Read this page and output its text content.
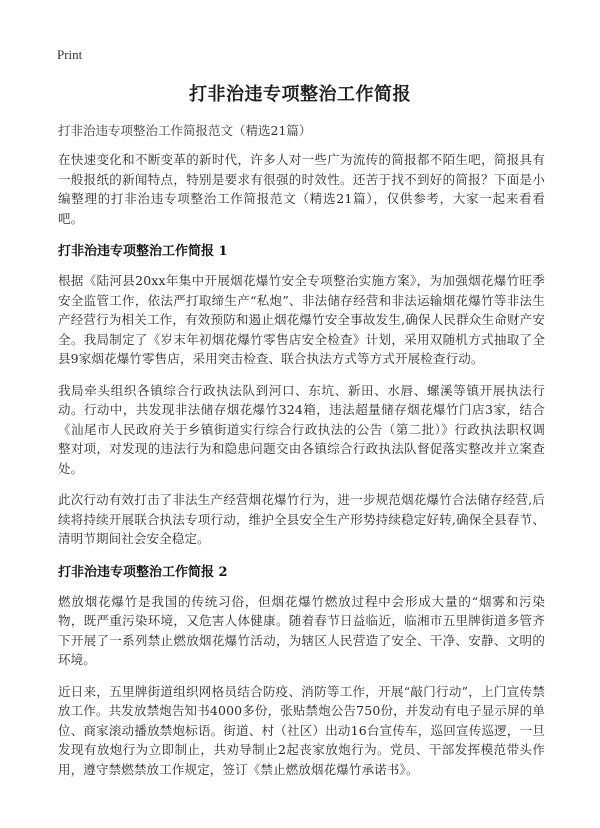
Print
打非治违专项整治工作简报
打非治违专项整治工作简报范文（精选21篇）

在快速变化和不断变革的新时代，许多人对一些广为流传的简报都不陌生吧，简报具有一般报纸的新闻特点，特别是要求有很强的时效性。还苦于找不到好的简报？下面是小编整理的打非治违专项整治工作简报范文（精选21篇），仅供参考，大家一起来看看吧。

打非治违专项整治工作简报 1

根据《陆河县20xx年集中开展烟花爆竹安全专项整治实施方案》，为加强烟花爆竹旺季安全监管工作，依法严打取缔生产“私炮”、非法储存经营和非法运输烟花爆竹等非法生产经营行为相关工作，有效预防和遏止烟花爆竹安全事故发生,确保人民群众生命财产安全。我局制定了《岁末年初烟花爆竹零售店安全检查》计划，采用双随机方式抽取了全县9家烟花爆竹零售店，采用突击检查、联合执法方式等方式开展检查行动。

我局牵头组织各镇综合行政执法队到河口、东坑、新田、水唇、螺溪等镇开展执法行动。行动中，共发现非法储存烟花爆竹324箱，违法超量储存烟花爆竹门店3家，结合《汕尾市人民政府关于乡镇街道实行综合行政执法的公告（第二批）》行政执法职权调整对项，对发现的违法行为和隐患问题交由各镇综合行政执法队督促落实整改并立案查处。

此次行动有效打击了非法生产经营烟花爆竹行为，进一步规范烟花爆竹合法储存经营,后续将持续开展联合执法专项行动，维护全县安全生产形势持续稳定好转,确保全县春节、清明节期间社会安全稳定。

打非治违专项整治工作简报 2

燃放烟花爆竹是我国的传统习俗，但烟花爆竹燃放过程中会形成大量的“烟雾和污染物，既严重污染环境，又危害人体健康。随着春节日益临近，临湘市五里牌街道多管齐下开展了一系列禁止燃放烟花爆竹活动，为辖区人民营造了安全、干净、安静、文明的环境。

近日来，五里牌街道组织网格员结合防疫、消防等工作，开展“敲门行动”，上门宣传禁放工作。共发放禁炮告知书4000多份，张贴禁炮公告750份，并发动有电子显示屏的单位、商家滚动播放禁炮标语。街道、村（社区）出动16台宣传车，巡回宣传巡逻，一旦发现有放炮行为立即制止，共劝导制止2起丧家放炮行为。党员、干部发挥模范带头作用，遵守禁燃禁放工作规定，签订《禁止燃放烟花爆竹承诺书》。
